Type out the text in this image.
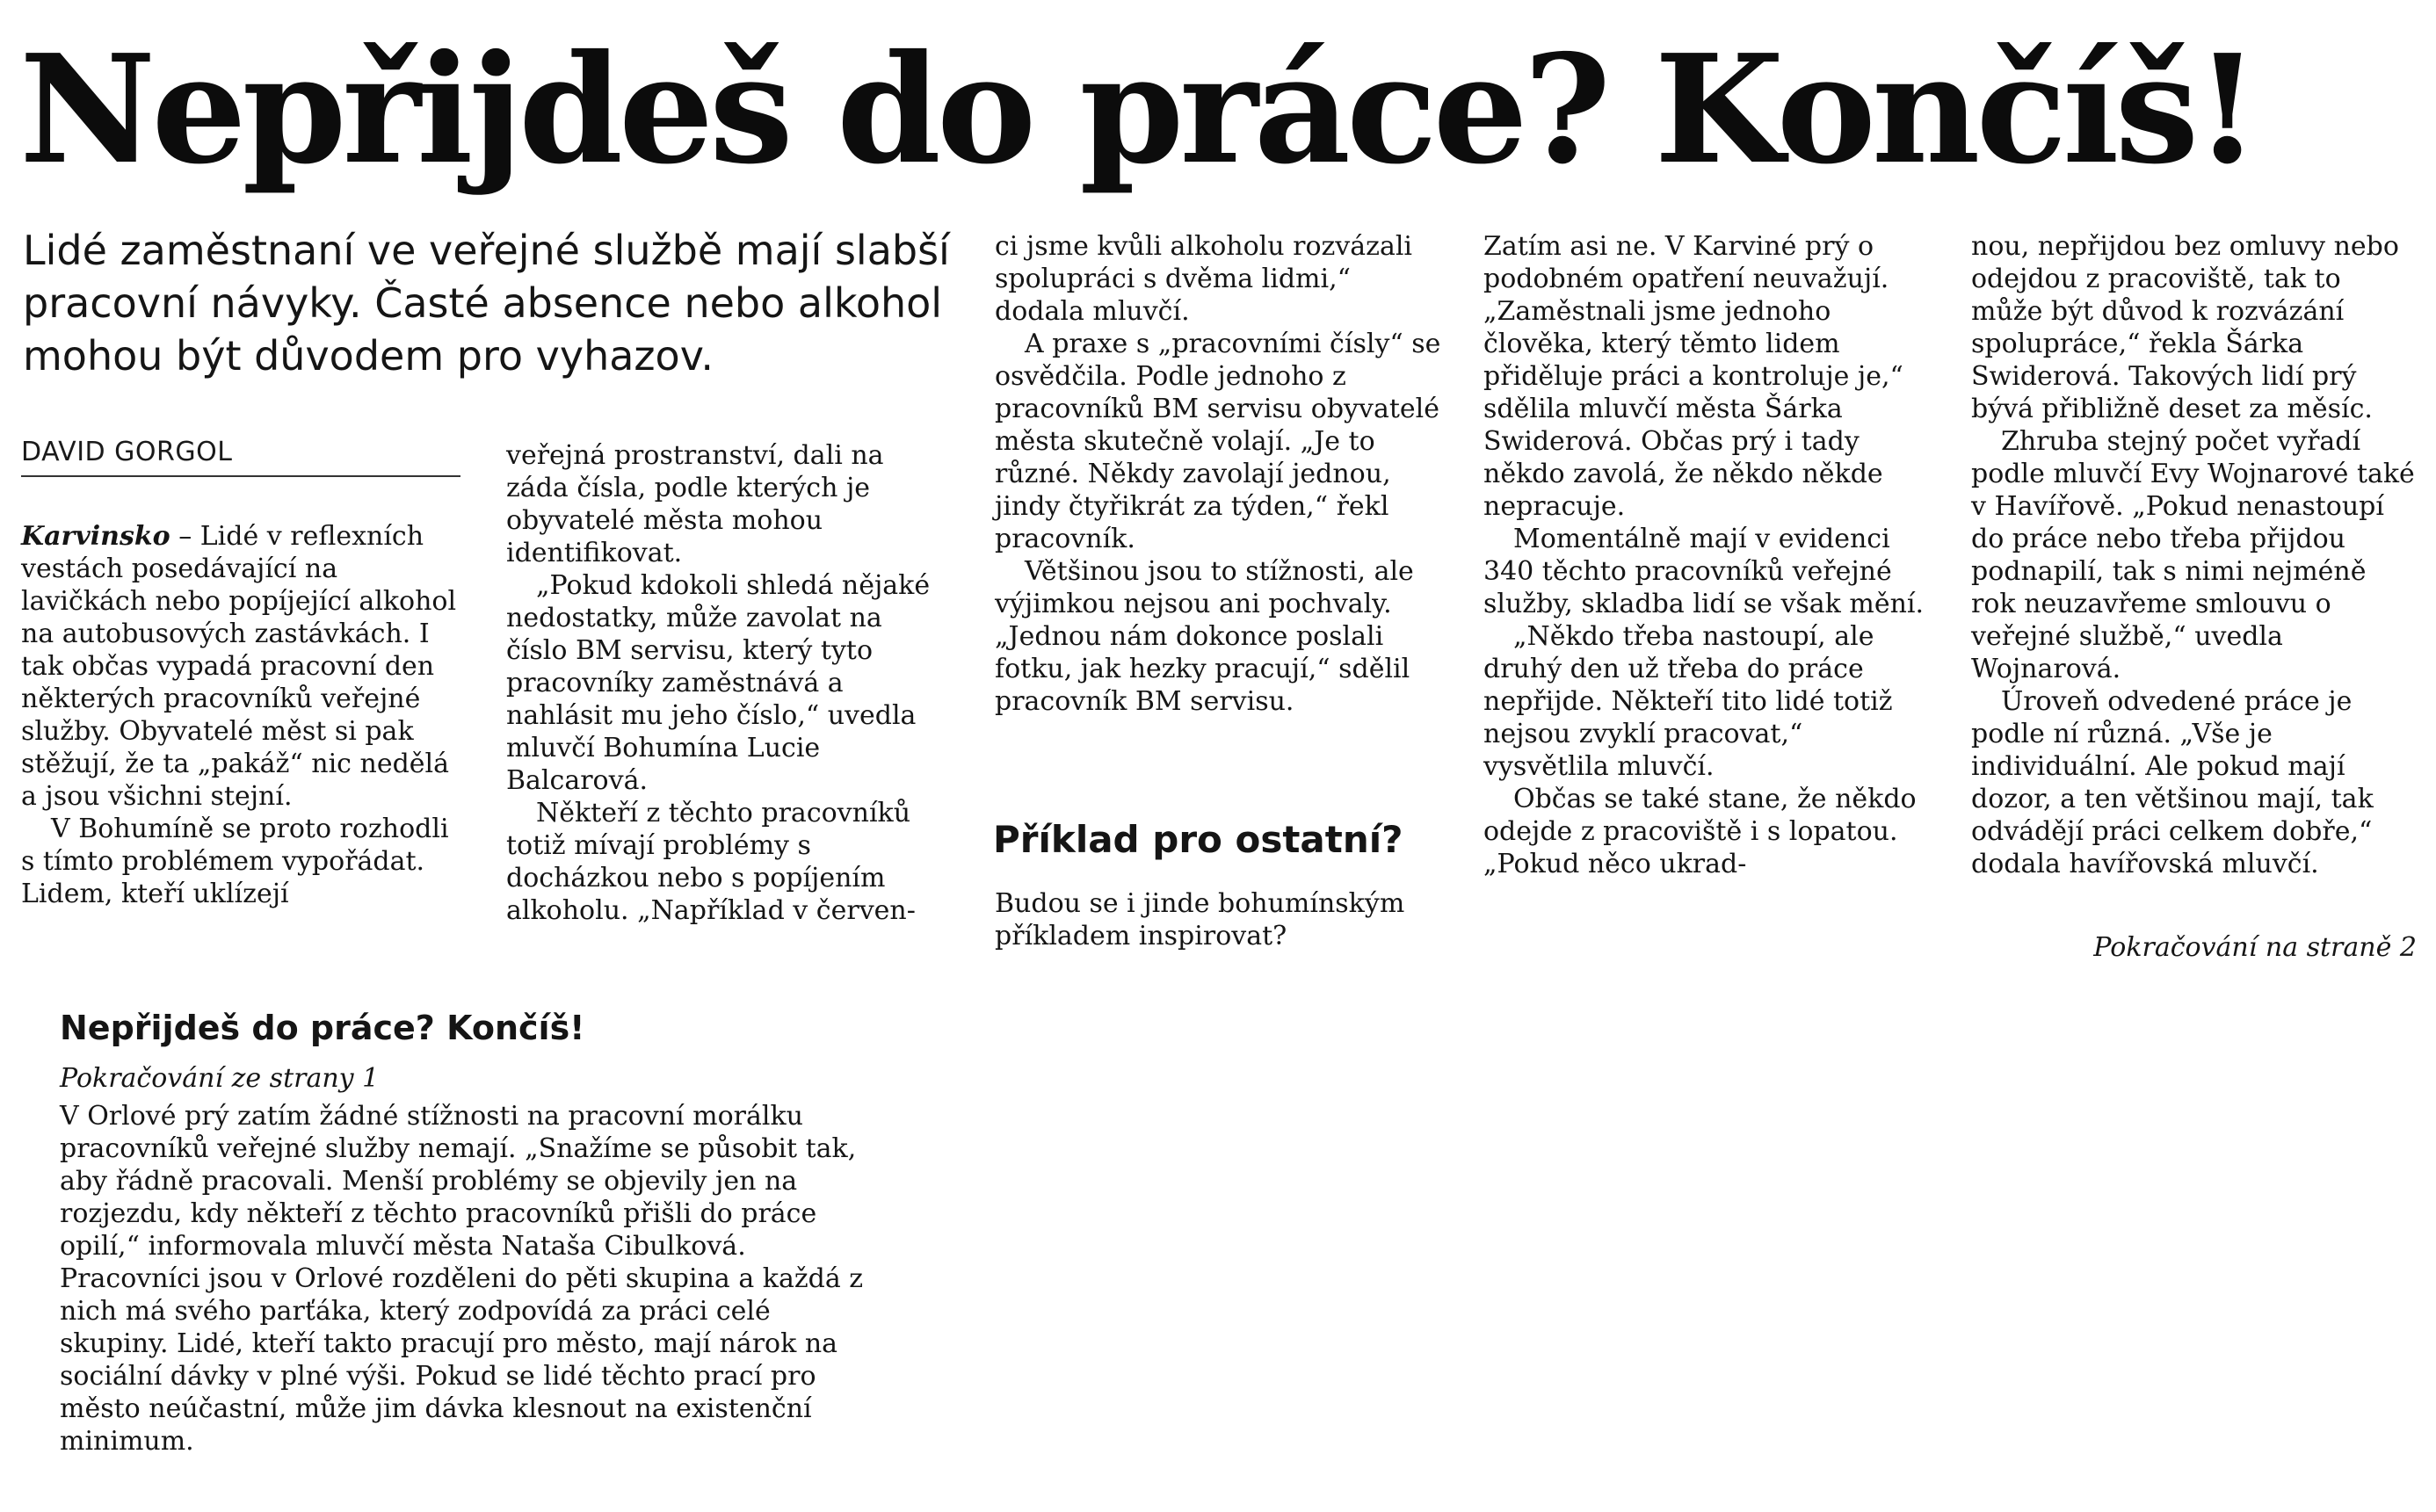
Nepřijdeš do práce? Končíš!

Lidé zaměstnaní ve veřejné službě mají slabší pracovní návyky. Časté absence nebo alkohol mohou být důvodem pro vyhazov.

DAVID GORGOL

Karvinsko – Lidé v reflexních vestách posedávající na lavičkách nebo popíjející alkohol na autobusových zastávkách. I tak občas vypadá pracovní den některých pracovníků veřejné služby. Obyvatelé měst si pak stěžují, že ta „pakáž“ nic nedělá a jsou všichni stejní.

V Bohumíně se proto rozhodli s tímto problémem vypořádat. Lidem, kteří uklízejí

veřejná prostranství, dali na záda čísla, podle kterých je obyvatelé města mohou identifikovat.

„Pokud kdokoli shledá nějaké nedostatky, může zavolat na číslo BM servisu, který tyto pracovníky zaměstnává a nahlásit mu jeho číslo,“ uvedla mluvčí Bohumína Lucie Balcarová.

Někteří z těchto pracovníků totiž mívají problémy s docházkou nebo s popíjením alkoholu. „Například v červen-

ci jsme kvůli alkoholu rozvázali spolupráci s dvěma lidmi,“ dodala mluvčí.

A praxe s „pracovními čísly“ se osvědčila. Podle jednoho z pracovníků BM servisu obyvatelé města skutečně volají. „Je to různé. Někdy zavolají jednou, jindy čtyřikrát za týden,“ řekl pracovník.

Většinou jsou to stížnosti, ale výjimkou nejsou ani pochvaly. „Jednou nám dokonce poslali fotku, jak hezky pracují,“ sdělil pracovník BM servisu.

Příklad pro ostatní?

Budou se i jinde bohumínským příkladem inspirovat?

Zatím asi ne. V Karviné prý o podobném opatření neuvažují. „Zaměstnali jsme jednoho člověka, který těmto lidem přiděluje práci a kontroluje je,“ sdělila mluvčí města Šárka Swiderová. Občas prý i tady někdo zavolá, že někdo někde nepracuje.

Momentálně mají v evidenci 340 těchto pracovníků veřejné služby, skladba lidí se však mění.

„Někdo třeba nastoupí, ale druhý den už třeba do práce nepřijde. Někteří tito lidé totiž nejsou zvyklí pracovat,“ vysvětlila mluvčí.

Občas se také stane, že někdo odejde z pracoviště i s lopatou. „Pokud něco ukrad-

nou, nepřijdou bez omluvy nebo odejdou z pracoviště, tak to může být důvod k rozvázání spolupráce,“ řekla Šárka Swiderová. Takových lidí prý bývá přibližně deset za měsíc.

Zhruba stejný počet vyřadí podle mluvčí Evy Wojnarové také v Havířově. „Pokud nenastoupí do práce nebo třeba přijdou podnapilí, tak s nimi nejméně rok neuzavřeme smlouvu o veřejné službě,“ uvedla Wojnarová.

Úroveň odvedené práce je podle ní různá. „Vše je individuální. Ale pokud mají dozor, a ten většinou mají, tak odvádějí práci celkem dobře,“ dodala havířovská mluvčí.

Pokračování na straně 2
Nepřijdeš do práce? Končíš!
Pokračování ze strany 1

V Orlové prý zatím žádné stížnosti na pracovní morálku pracovníků veřejné služby nemají. „Snažíme se působit tak, aby řádně pracovali. Menší problémy se objevily jen na rozjezdu, kdy někteří z těchto pracovníků přišli do práce opilí,“ informovala mluvčí města Nataša Cibulková. Pracovníci jsou v Orlové rozděleni do pěti skupina a každá z nich má svého parťáka, který zodpovídá za práci celé skupiny. Lidé, kteří takto pracují pro město, mají nárok na sociální dávky v plné výši. Pokud se lidé těchto prací pro město neúčastní, může jim dávka klesnout na existenční minimum.
